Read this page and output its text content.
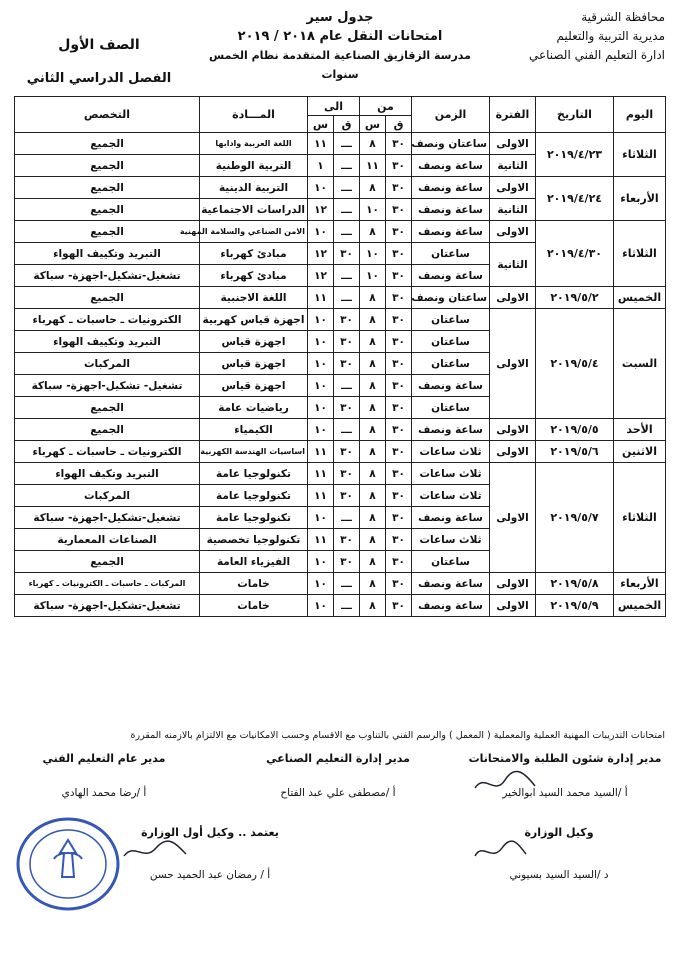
محافظة الشرقية
مديرية التربية والتعليم
ادارة التعليم الفني الصناعي
جدول سير
امتحانات النقل عام ٢٠١٨ / ٢٠١٩
مدرسة الزقازيق الصناعية المتقدمة نظام الخمس سنوات
الصف الأول
الفصل الدراسي الثاني
اليوم	التاريخ	الفترة	الزمن	من		الى		المـــادة	التخصص
				ق	س	ق	س		
الثلاثاء	٢٠١٩/٤/٢٣	الاولى	ساعتان ونصف	٣٠	٨	ـــ	١١	اللغة العربية وادابها	الجميع
		الثانية	ساعة ونصف	٣٠	١١	ـــ	١	التربية الوطنية	الجميع
الأربعاء	٢٠١٩/٤/٢٤	الاولى	ساعة ونصف	٣٠	٨	ـــ	١٠	التربية الدينية	الجميع
		الثانية	ساعة ونصف	٣٠	١٠	ـــ	١٢	الدراسات الاجتماعية	الجميع
الثلاثاء	٢٠١٩/٤/٣٠	الاولى	ساعة ونصف	٣٠	٨	ـــ	١٠	الامن الصناعي والسلامة المهنية	الجميع
		الثانية	ساعتان	٣٠	١٠	٣٠	١٢	مبادئ كهرباء	التبريد وتكييف الهواء
			ساعة ونصف	٣٠	١٠	ـــ	١٢	مبادئ كهرباء	تشغيل-تشكيل-اجهزة- سباكة
الخميس	٢٠١٩/٥/٢	الاولى	ساعتان ونصف	٣٠	٨	ـــ	١١	اللغة الاجنبية	الجميع
السبت	٢٠١٩/٥/٤	الاولى	ساعتان	٣٠	٨	٣٠	١٠	اجهزة قياس كهربية	الكترونيات ـ حاسبات ـ كهرباء
			ساعتان	٣٠	٨	٣٠	١٠	اجهزة قياس	التبريد وتكييف الهواء
			ساعتان	٣٠	٨	٣٠	١٠	اجهزة قياس	المركبات
			ساعة ونصف	٣٠	٨	ـــ	١٠	اجهزة قياس	تشغيل- تشكيل-اجهزة- سباكة
			ساعتان	٣٠	٨	٣٠	١٠	رياضيات عامة	الجميع
الأحد	٢٠١٩/٥/٥	الاولى	ساعة ونصف	٣٠	٨	ـــ	١٠	الكيمياء	الجميع
الاثنين	٢٠١٩/٥/٦	الاولى	ثلاث ساعات	٣٠	٨	٣٠	١١	اساسيات الهندسة الكهربية	الكترونيات ـ حاسبات ـ كهرباء
الثلاثاء	٢٠١٩/٥/٧	الاولى	ثلاث ساعات	٣٠	٨	٣٠	١١	تكنولوجيا عامة	التبريد وتكيف الهواء
			ثلاث ساعات	٣٠	٨	٣٠	١١	تكنولوجيا عامة	المركبات
			ساعة ونصف	٣٠	٨	ـــ	١٠	تكنولوجيا عامة	تشغيل-تشكيل-اجهزة- سباكة
			ثلاث ساعات	٣٠	٨	٣٠	١١	تكنولوجيا تخصصية	الصناعات المعمارية
			ساعتان	٣٠	٨	٣٠	١٠	الفيزياء العامة	الجميع
الأربعاء	٢٠١٩/٥/٨	الاولى	ساعة ونصف	٣٠	٨	ـــ	١٠	خامات	المركبات ـ حاسبات ـ الكترونيات ـ كهرباء
الخميس	٢٠١٩/٥/٩	الاولى	ساعة ونصف	٣٠	٨	ـــ	١٠	خامات	تشغيل-تشكيل-اجهزة- سباكة
امتحانات التدريبات المهنية العملية والمعملية ( المعمل ) والرسم الفني بالتناوب مع الاقسام وحسب الامكانيات مع الالتزام بالازمنه المقررة
مدير إدارة شئون الطلبة والامتحانات
أ /السيد محمد السيد ابوالخير
مدير إدارة التعليم الصناعي
أ /مصطفى علي عبد الفتاح
مدير عام التعليم الفني
أ /رضا محمد الهادي
وكيل الوزارة
د /السيد السيد بسيوني
يعتمد .. وكيل أول الوزارة
أ / رمضان عبد الحميد حسن
